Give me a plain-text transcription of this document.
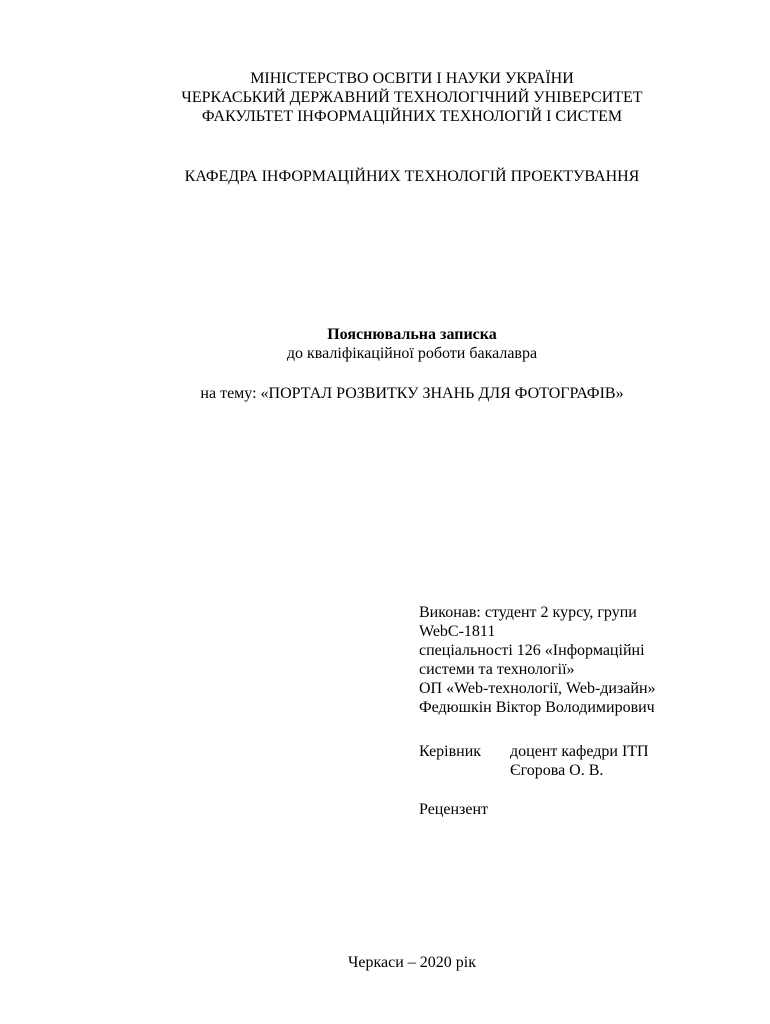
МІНІСТЕРСТВО ОСВІТИ І НАУКИ УКРАЇНИ
ЧЕРКАСЬКИЙ ДЕРЖАВНИЙ ТЕХНОЛОГІЧНИЙ УНІВЕРСИТЕТ
ФАКУЛЬТЕТ ІНФОРМАЦІЙНИХ ТЕХНОЛОГІЙ І СИСТЕМ
КАФЕДРА ІНФОРМАЦІЙНИХ ТЕХНОЛОГІЙ ПРОЕКТУВАННЯ
Пояснювальна записка
до кваліфікаційної роботи бакалавра
на тему: «ПОРТАЛ РОЗВИТКУ ЗНАНЬ ДЛЯ ФОТОГРАФІВ»
Виконав: студент 2 курсу, групи
WebC-1811
спеціальності 126 «Інформаційні
системи та технології»
ОП «Web-технології, Web-дизайн»
Федюшкін Віктор Володимирович
Керівник доцент кафедри ІТП
Єгорова О. В.
Рецензент
Черкаси – 2020 рік
